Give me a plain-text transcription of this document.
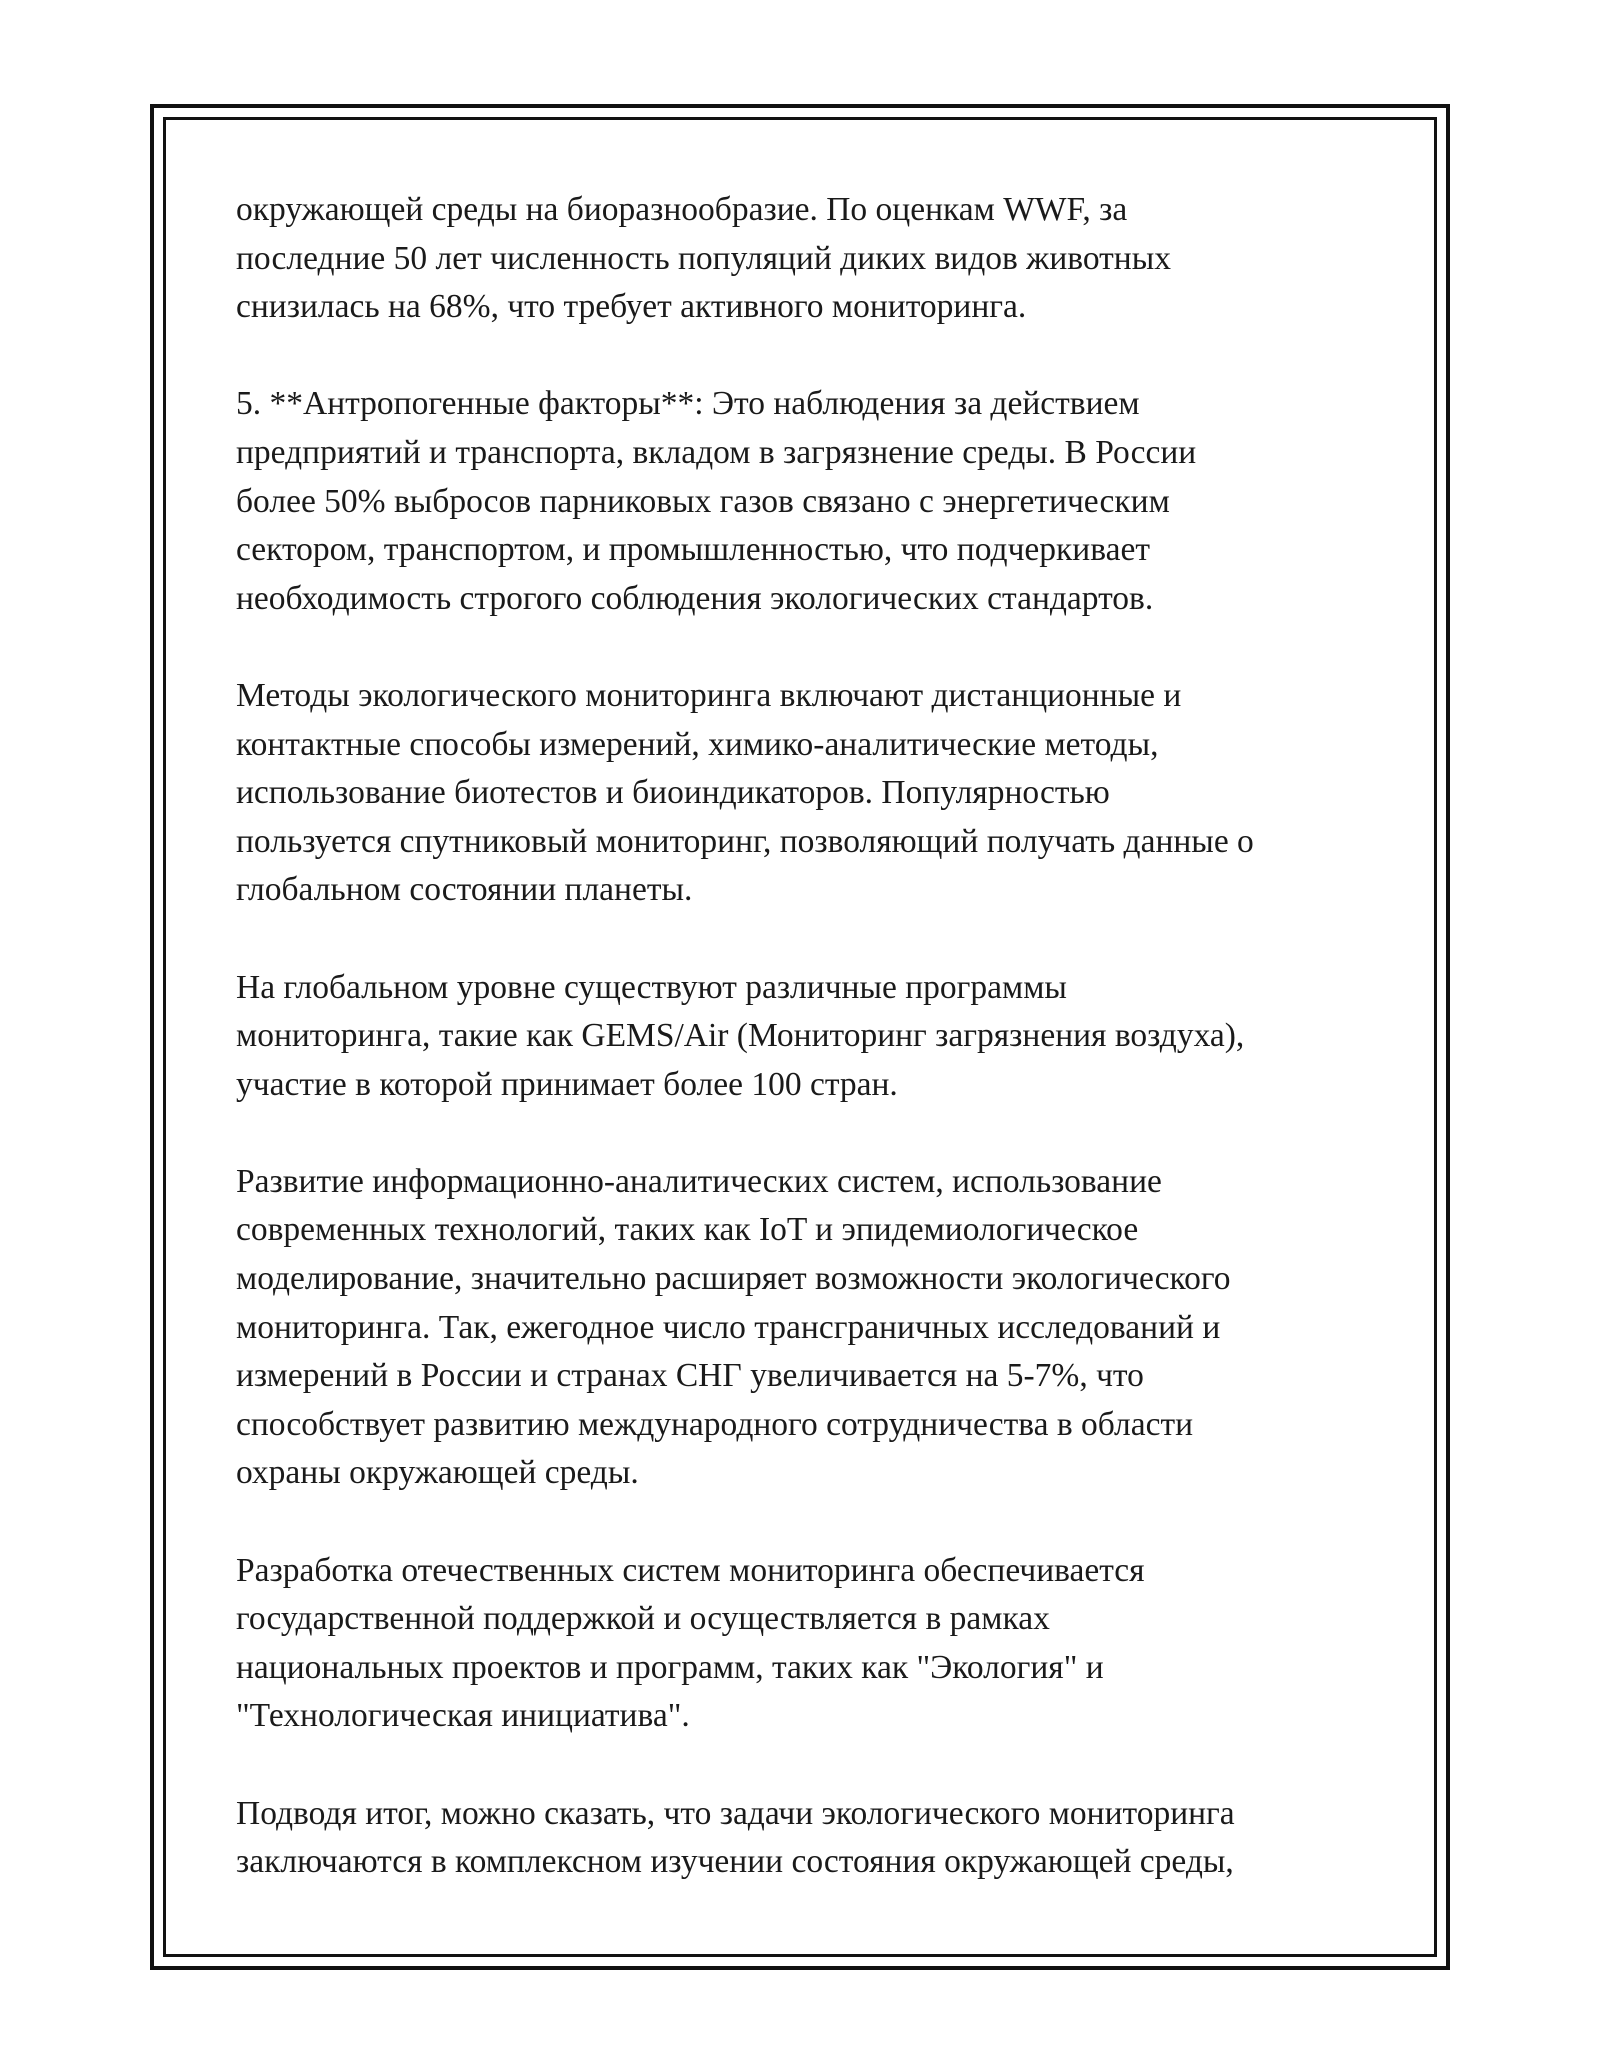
окружающей среды на биоразнообразие. По оценкам WWF, за
последние 50 лет численность популяций диких видов животных
снизилась на 68%, что требует активного мониторинга.

5. **Антропогенные факторы**: Это наблюдения за действием
предприятий и транспорта, вкладом в загрязнение среды. В России
более 50% выбросов парниковых газов связано с энергетическим
сектором, транспортом, и промышленностью, что подчеркивает
необходимость строгого соблюдения экологических стандартов.

Методы экологического мониторинга включают дистанционные и
контактные способы измерений, химико-аналитические методы,
использование биотестов и биоиндикаторов. Популярностью
пользуется спутниковый мониторинг, позволяющий получать данные о
глобальном состоянии планеты.

На глобальном уровне существуют различные программы
мониторинга, такие как GEMS/Air (Мониторинг загрязнения воздуха),
участие в которой принимает более 100 стран.

Развитие информационно-аналитических систем, использование
современных технологий, таких как IoT и эпидемиологическое
моделирование, значительно расширяет возможности экологического
мониторинга. Так, ежегодное число трансграничных исследований и
измерений в России и странах СНГ увеличивается на 5-7%, что
способствует развитию международного сотрудничества в области
охраны окружающей среды.

Разработка отечественных систем мониторинга обеспечивается
государственной поддержкой и осуществляется в рамках
национальных проектов и программ, таких как "Экология" и
"Технологическая инициатива".

Подводя итог, можно сказать, что задачи экологического мониторинга
заключаются в комплексном изучении состояния окружающей среды,
